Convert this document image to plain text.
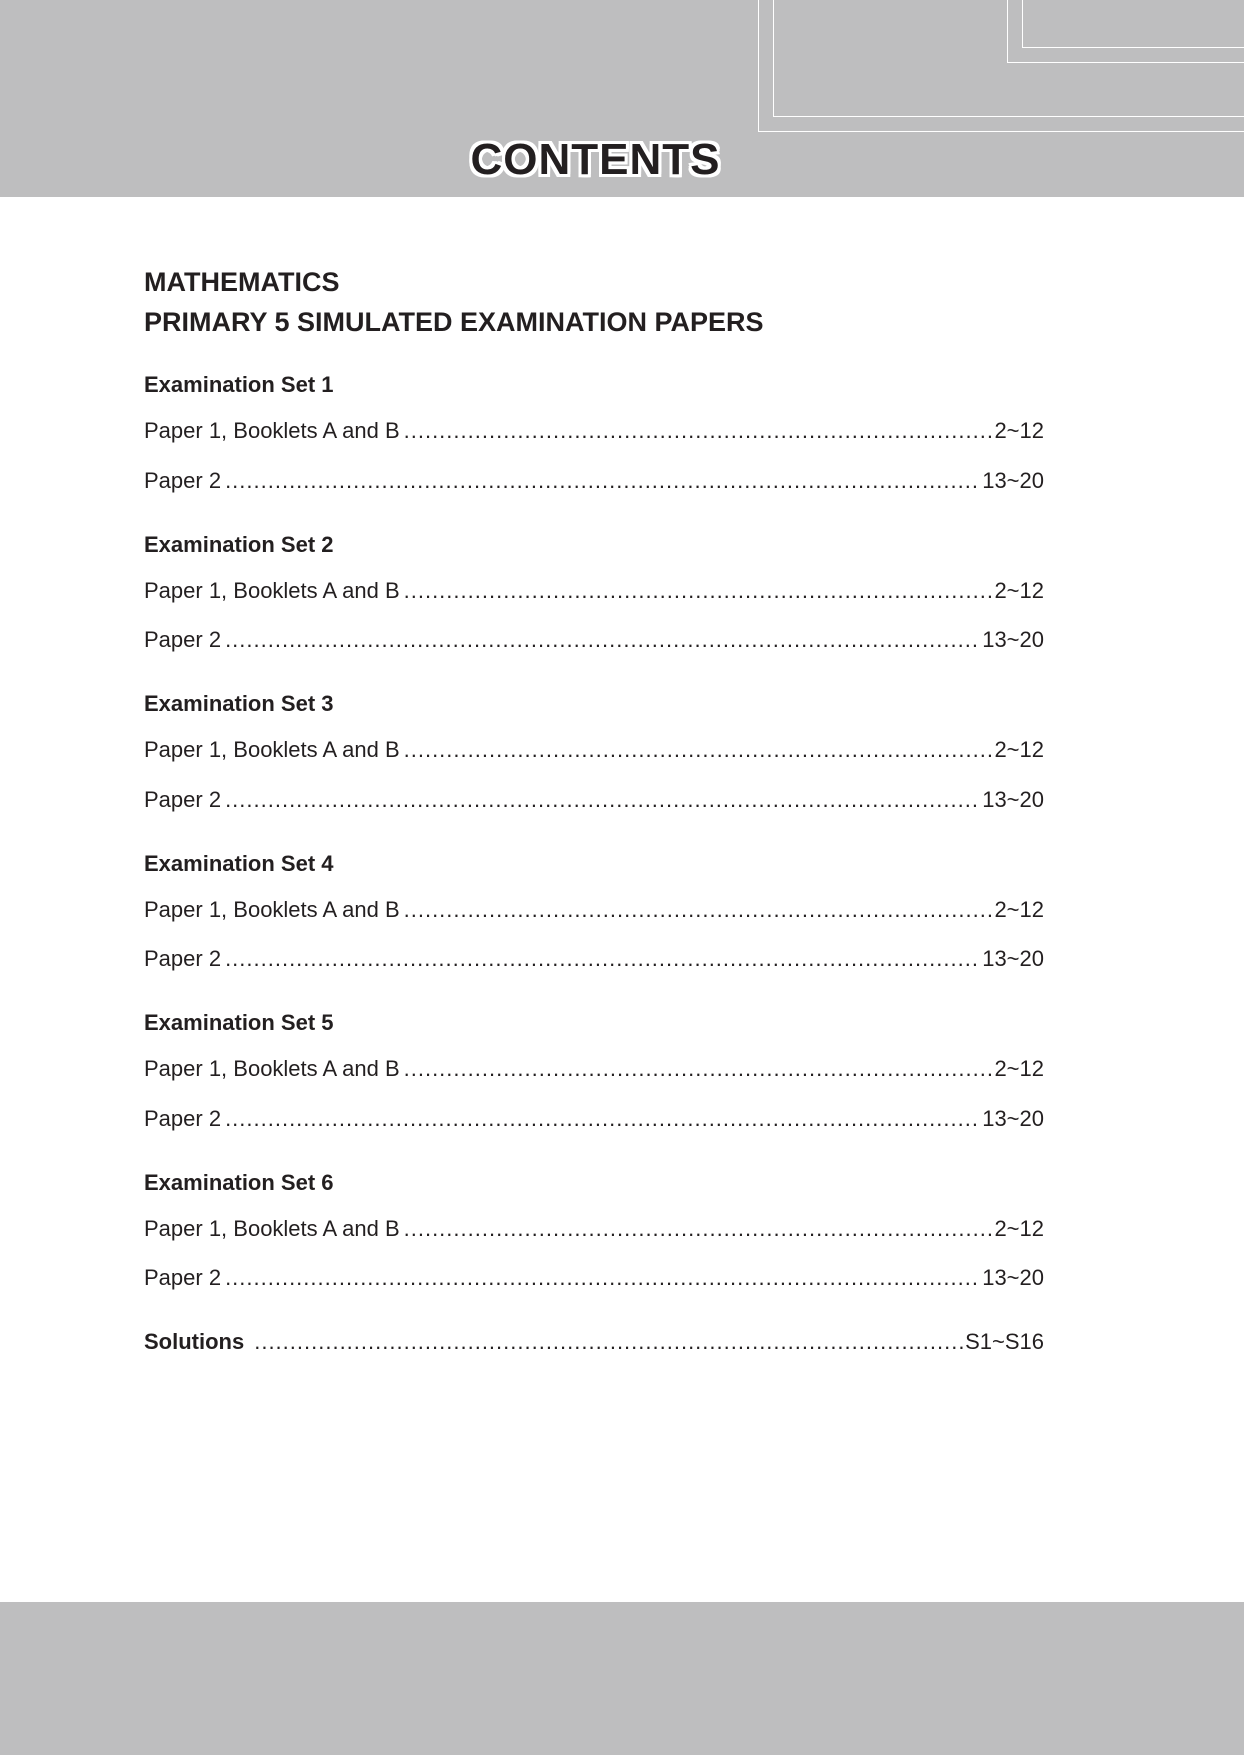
CONTENTS

MATHEMATICS

PRIMARY 5 SIMULATED EXAMINATION PAPERS

Examination Set 1
Paper 1, Booklets A and B .....	2~12
Paper 2 .....	13~20
Examination Set 2
Paper 1, Booklets A and B .....	2~12
Paper 2 .....	13~20
Examination Set 3
Paper 1, Booklets A and B .....	2~12
Paper 2 .....	13~20
Examination Set 4
Paper 1, Booklets A and B .....	2~12
Paper 2 .....	13~20
Examination Set 5
Paper 1, Booklets A and B .....	2~12
Paper 2 .....	13~20
Examination Set 6
Paper 1, Booklets A and B .....	2~12
Paper 2 .....	13~20
Solutions .....	S1~S16
